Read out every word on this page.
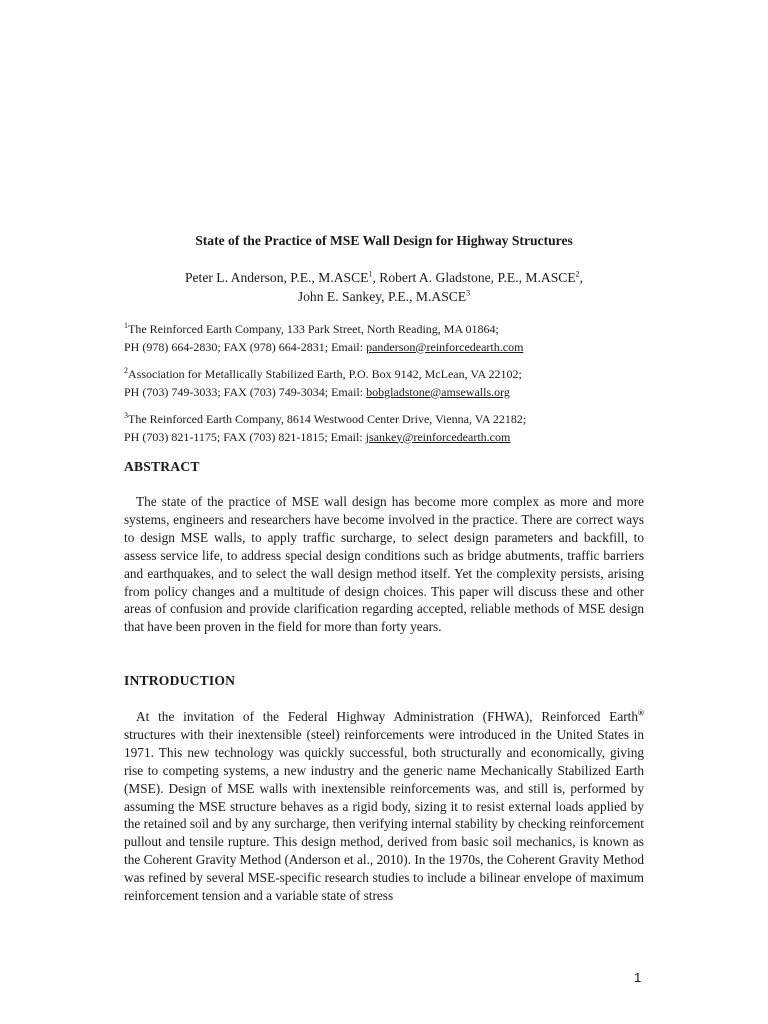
State of the Practice of MSE Wall Design for Highway Structures
Peter L. Anderson, P.E., M.ASCE$^1$, Robert A. Gladstone, P.E., M.ASCE$^2$,
John E. Sankey, P.E., M.ASCE$^3$
$^1$The Reinforced Earth Company, 133 Park Street, North Reading, MA 01864;
PH (978) 664-2830; FAX (978) 664-2831; Email: panderson@reinforcedearth.com
$^2$Association for Metallically Stabilized Earth, P.O. Box 9142, McLean, VA 22102;
PH (703) 749-3033; FAX (703) 749-3034; Email: bobgladstone@amsewalls.org
$^3$The Reinforced Earth Company, 8614 Westwood Center Drive, Vienna, VA 22182;
PH (703) 821-1175; FAX (703) 821-1815; Email: jsankey@reinforcedearth.com
ABSTRACT
The state of the practice of MSE wall design has become more complex as more and more systems, engineers and researchers have become involved in the practice. There are correct ways to design MSE walls, to apply traffic surcharge, to select design parameters and backfill, to assess service life, to address special design conditions such as bridge abutments, traffic barriers and earthquakes, and to select the wall design method itself. Yet the complexity persists, arising from policy changes and a multitude of design choices. This paper will discuss these and other areas of confusion and provide clarification regarding accepted, reliable methods of MSE design that have been proven in the field for more than forty years.
INTRODUCTION
At the invitation of the Federal Highway Administration (FHWA), Reinforced Earth® structures with their inextensible (steel) reinforcements were introduced in the United States in 1971. This new technology was quickly successful, both structurally and economically, giving rise to competing systems, a new industry and the generic name Mechanically Stabilized Earth (MSE). Design of MSE walls with inextensible reinforcements was, and still is, performed by assuming the MSE structure behaves as a rigid body, sizing it to resist external loads applied by the retained soil and by any surcharge, then verifying internal stability by checking reinforcement pullout and tensile rupture. This design method, derived from basic soil mechanics, is known as the Coherent Gravity Method (Anderson et al., 2010). In the 1970s, the Coherent Gravity Method was refined by several MSE-specific research studies to include a bilinear envelope of maximum reinforcement tension and a variable state of stress
1
